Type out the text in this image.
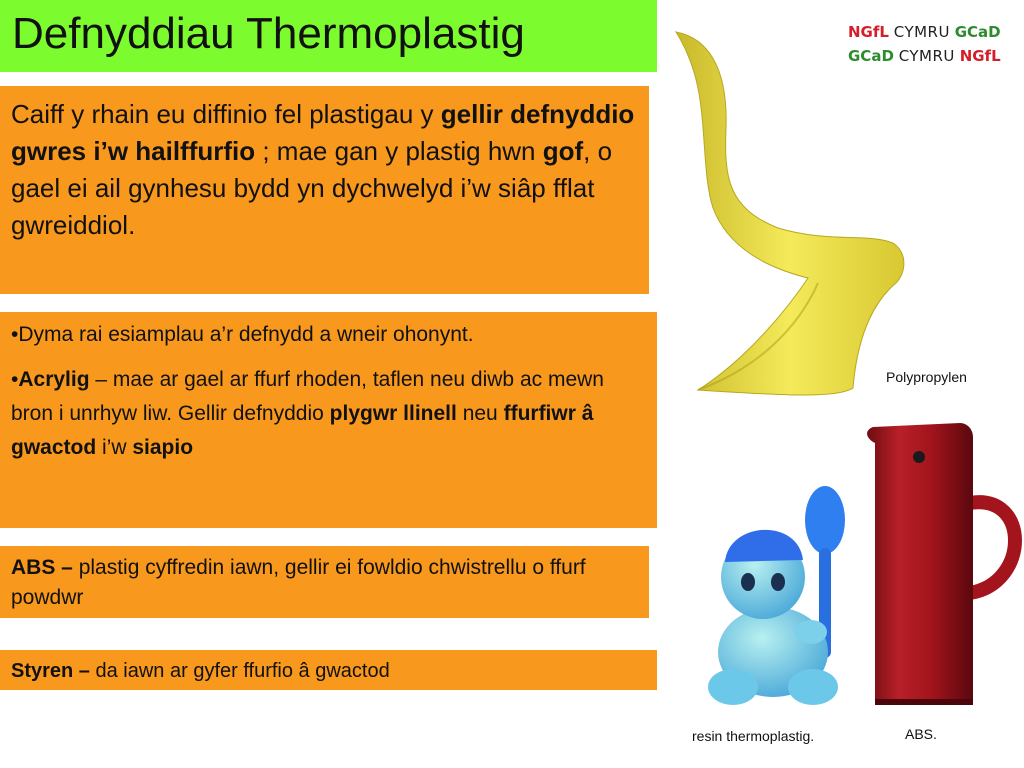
Defnyddiau Thermoplastig	NGfL CYMRU GCaD
GCaD CYMRU NGfL
Caiff y rhain eu diffinio fel plastigau y gellir defnyddio gwres i’w hailffurfio ; mae gan y plastig hwn gof, o gael ei ail gynhesu bydd yn dychwelyd i’w siâp fflat gwreiddiol.
•Dyma rai esiamplau a’r defnydd a wneir ohonynt.
•Acrylig – mae ar gael ar ffurf rhoden, taflen neu diwb ac mewn bron i unrhyw liw. Gellir defnyddio plygwr llinell neu ffurfiwr â gwactod i’w siapio
ABS – plastig cyffredin iawn, gellir ei fowldio chwistrellu o ffurf powdwr
Styren – da iawn ar gyfer ffurfio â gwactod
Polypropylen
resin thermoplastig.	ABS.
